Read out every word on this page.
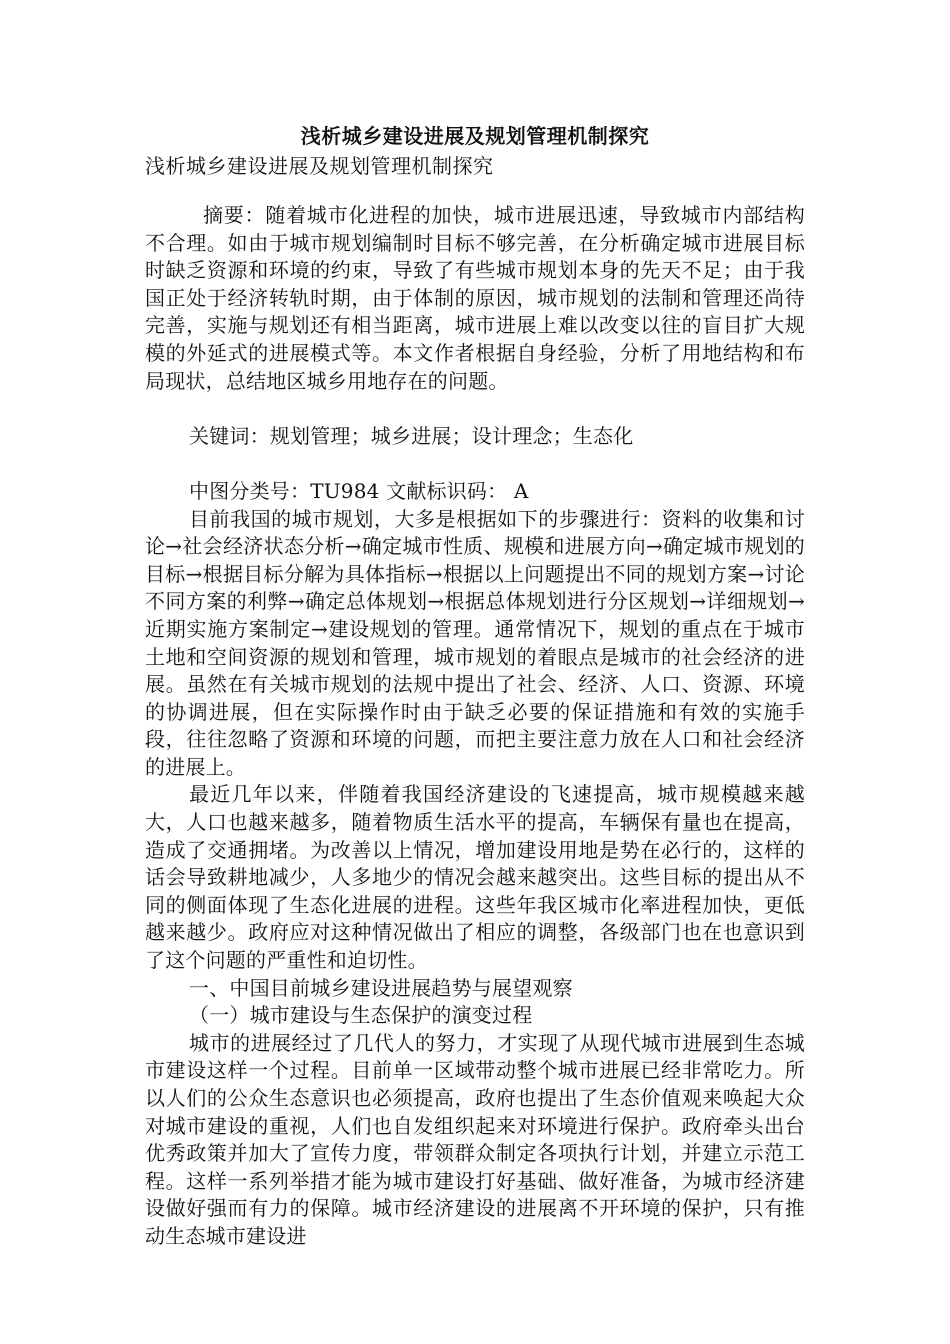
浅析城乡建设进展及规划管理机制探究
浅析城乡建设进展及规划管理机制探究

摘要：随着城市化进程的加快，城市进展迅速，导致城市内部结构不合理。如由于城市规划编制时目标不够完善，在分析确定城市进展目标时缺乏资源和环境的约束，导致了有些城市规划本身的先天不足；由于我国正处于经济转轨时期，由于体制的原因，城市规划的法制和管理还尚待完善，实施与规划还有相当距离，城市进展上难以改变以往的盲目扩大规模的外延式的进展模式等。本文作者根据自身经验，分析了用地结构和布局现状，总结地区城乡用地存在的问题。

关键词：规划管理；城乡进展；设计理念；生态化

中图分类号：TU984 文献标识码： A

目前我国的城市规划，大多是根据如下的步骤进行：资料的收集和讨论→社会经济状态分析→确定城市性质、规模和进展方向→确定城市规划的目标→根据目标分解为具体指标→根据以上问题提出不同的规划方案→讨论不同方案的利弊→确定总体规划→根据总体规划进行分区规划→详细规划→近期实施方案制定→建设规划的管理。通常情况下，规划的重点在于城市土地和空间资源的规划和管理，城市规划的着眼点是城市的社会经济的进展。虽然在有关城市规划的法规中提出了社会、经济、人口、资源、环境的协调进展，但在实际操作时由于缺乏必要的保证措施和有效的实施手段，往往忽略了资源和环境的问题，而把主要注意力放在人口和社会经济的进展上。

最近几年以来，伴随着我国经济建设的飞速提高，城市规模越来越大，人口也越来越多，随着物质生活水平的提高，车辆保有量也在提高，造成了交通拥堵。为改善以上情况，增加建设用地是势在必行的，这样的话会导致耕地减少，人多地少的情况会越来越突出。这些目标的提出从不同的侧面体现了生态化进展的进程。这些年我区城市化率进程加快，更低越来越少。政府应对这种情况做出了相应的调整，各级部门也在也意识到了这个问题的严重性和迫切性。

一、中国目前城乡建设进展趋势与展望观察

（一）城市建设与生态保护的演变过程

城市的进展经过了几代人的努力，才实现了从现代城市进展到生态城市建设这样一个过程。目前单一区域带动整个城市进展已经非常吃力。所以人们的公众生态意识也必须提高，政府也提出了生态价值观来唤起大众对城市建设的重视，人们也自发组织起来对环境进行保护。政府牵头出台优秀政策并加大了宣传力度，带领群众制定各项执行计划，并建立示范工程。这样一系列举措才能为城市建设打好基础、做好准备，为城市经济建设做好强而有力的保障。城市经济建设的进展离不开环境的保护，只有推动生态城市建设进
